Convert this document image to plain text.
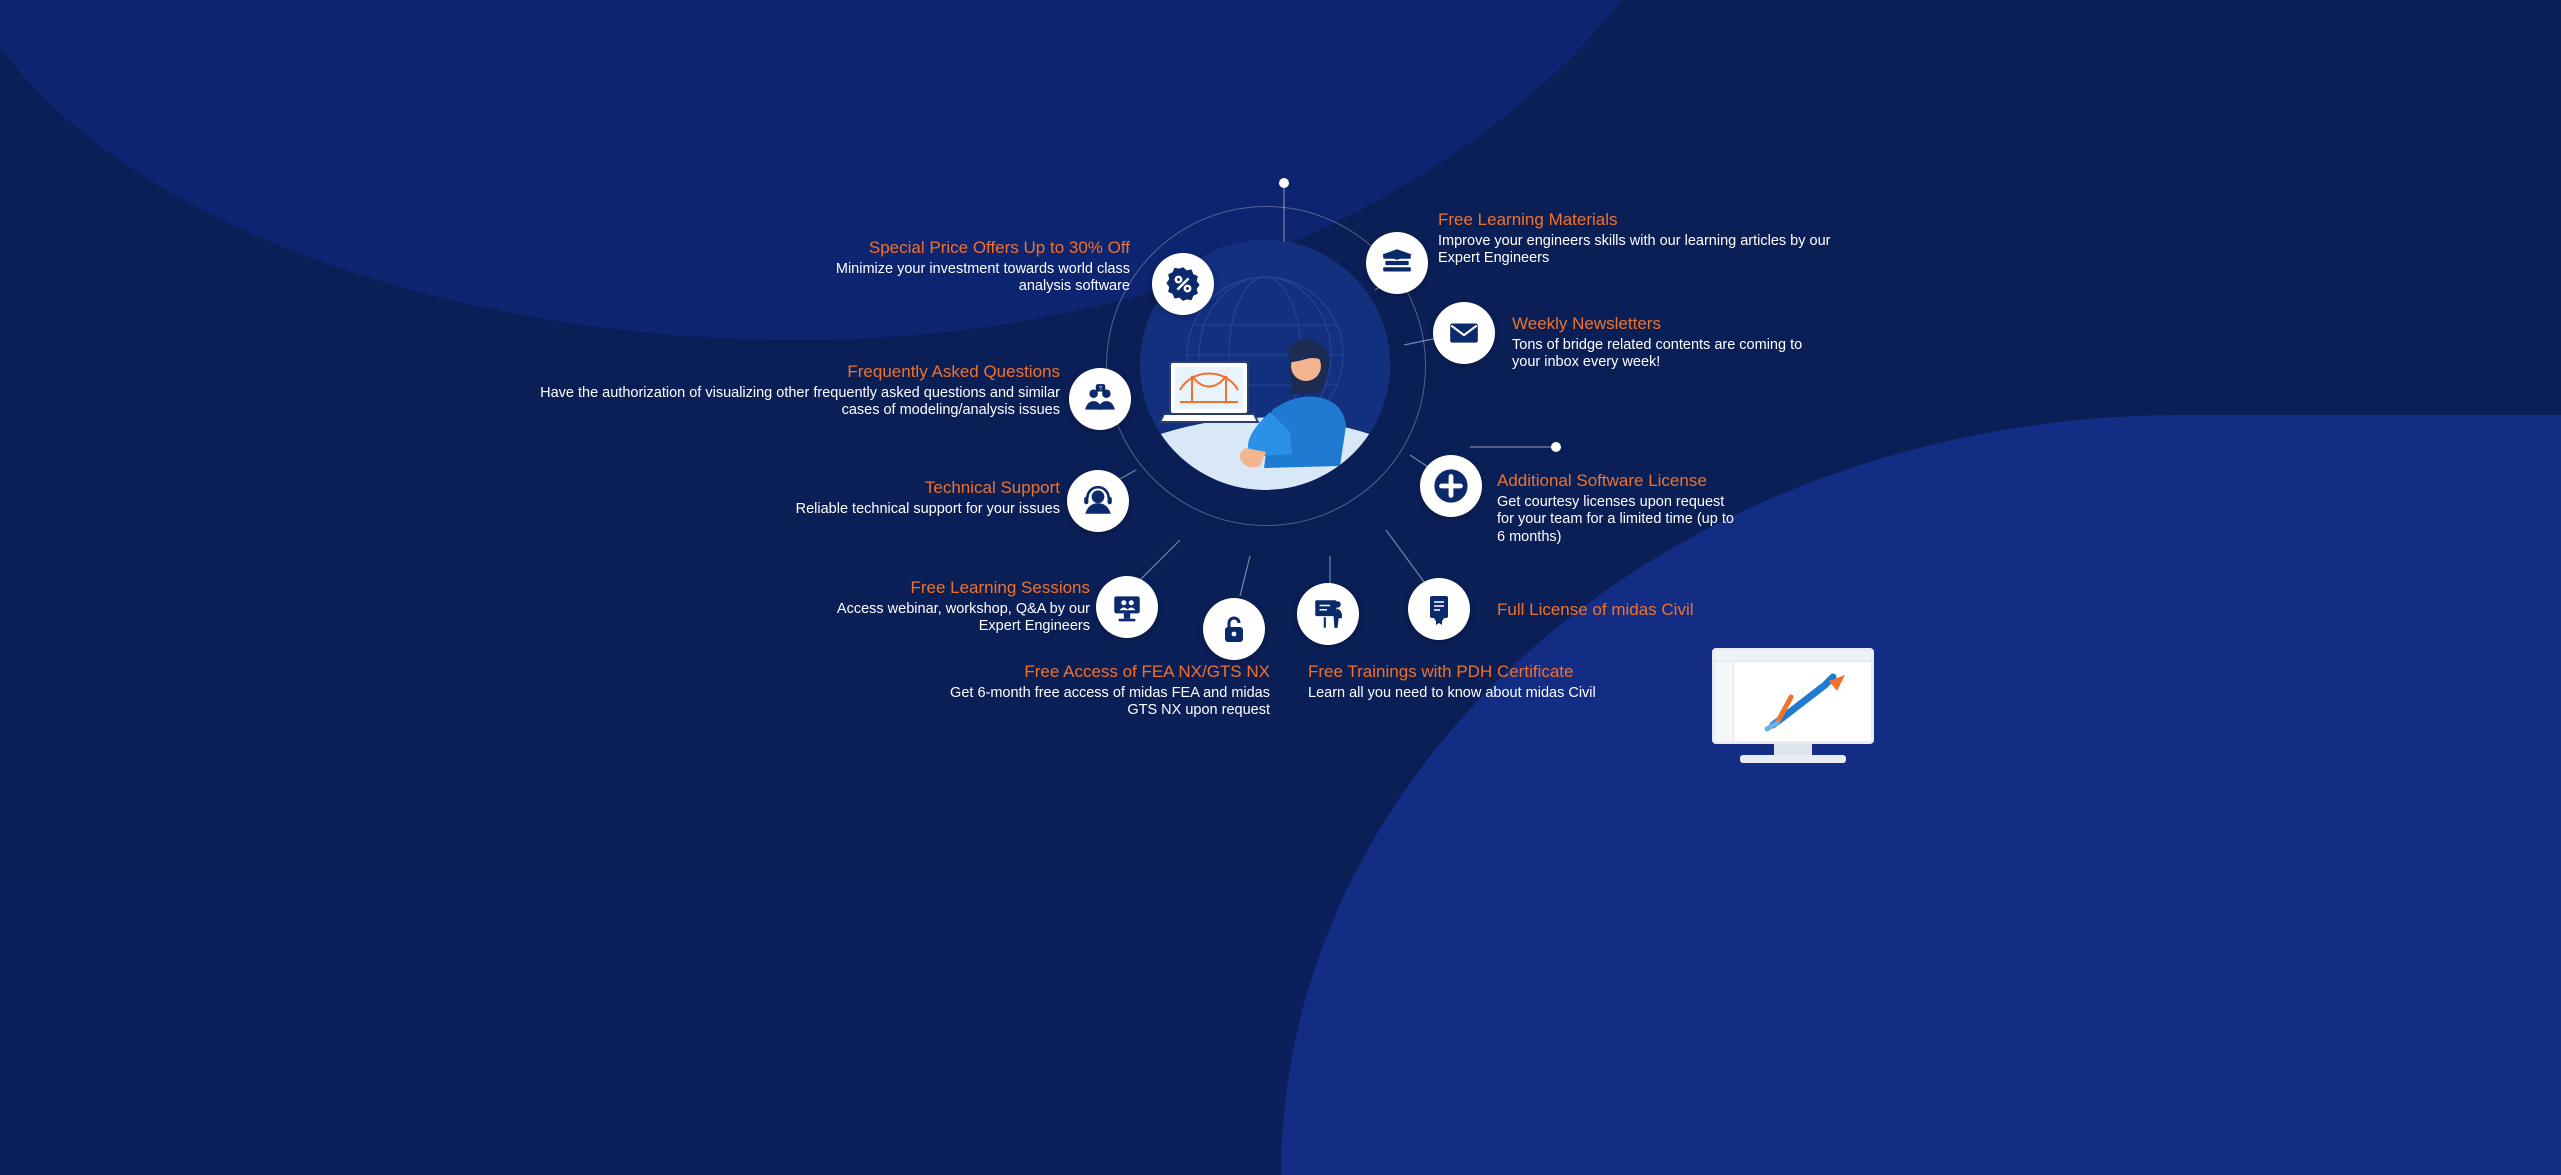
?
Free Learning Materials
Improve your engineers skills with our learning articles by our Expert Engineers
Weekly Newsletters
Tons of bridge related contents are coming to your inbox every week!
Additional Software License
Get courtesy licenses upon request for your team for a limited time (up to 6 months)
Full License of midas Civil
Free Trainings with PDH Certificate
Learn all you need to know about midas Civil
Free Access of FEA NX/GTS NX
Get 6-month free access of midas FEA and midas GTS NX upon request
Free Learning Sessions
Access webinar, workshop, Q&A by our Expert Engineers
Technical Support
Reliable technical support for your issues
Frequently Asked Questions
Have the authorization of visualizing other frequently asked questions and similar cases of modeling/analysis issues
Special Price Offers Up to 30% Off
Minimize your investment towards world class analysis software
